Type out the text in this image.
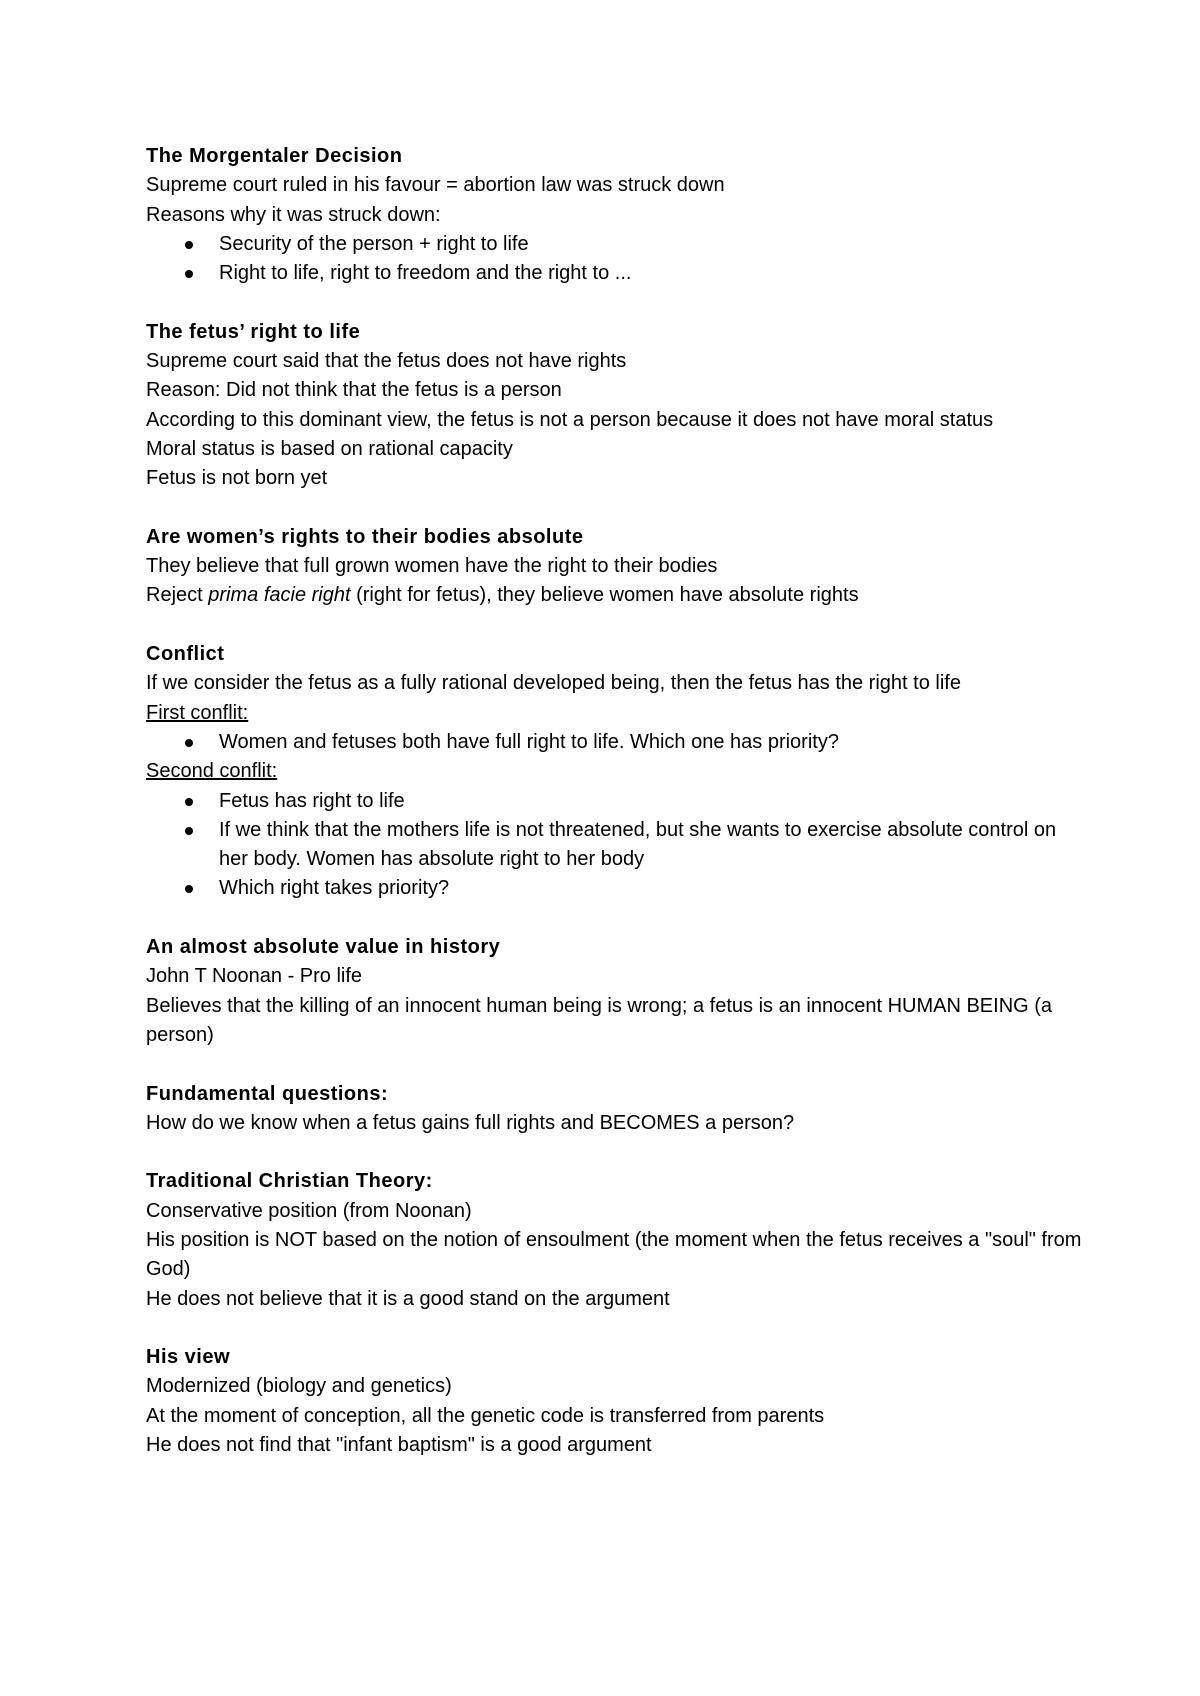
The Morgentaler Decision
Supreme court ruled in his favour = abortion law was struck down
Reasons why it was struck down:
Security of the person + right to life
Right to life, right to freedom and the right to ...
The fetus’ right to life
Supreme court said that the fetus does not have rights
Reason: Did not think that the fetus is a person
According to this dominant view, the fetus is not a person because it does not have moral status
Moral status is based on rational capacity
Fetus is not born yet
Are women’s rights to their bodies absolute
They believe that full grown women have the right to their bodies
Reject prima facie right (right for fetus), they believe women have absolute rights
Conflict
If we consider the fetus as a fully rational developed being, then the fetus has the right to life
First conflit:
Women and fetuses both have full right to life. Which one has priority?
Second conflit:
Fetus has right to life
If we think that the mothers life is not threatened, but she wants to exercise absolute control on her body. Women has absolute right to her body
Which right takes priority?
An almost absolute value in history
John T Noonan - Pro life
Believes that the killing of an innocent human being is wrong; a fetus is an innocent HUMAN BEING (a person)
Fundamental questions:
How do we know when a fetus gains full rights and BECOMES a person?
Traditional Christian Theory:
Conservative position (from Noonan)
His position is NOT based on the notion of ensoulment (the moment when the fetus receives a "soul" from God)
He does not believe that it is a good stand on the argument
His view
Modernized (biology and genetics)
At the moment of conception, all the genetic code is transferred from parents
He does not find that "infant baptism" is a good argument
